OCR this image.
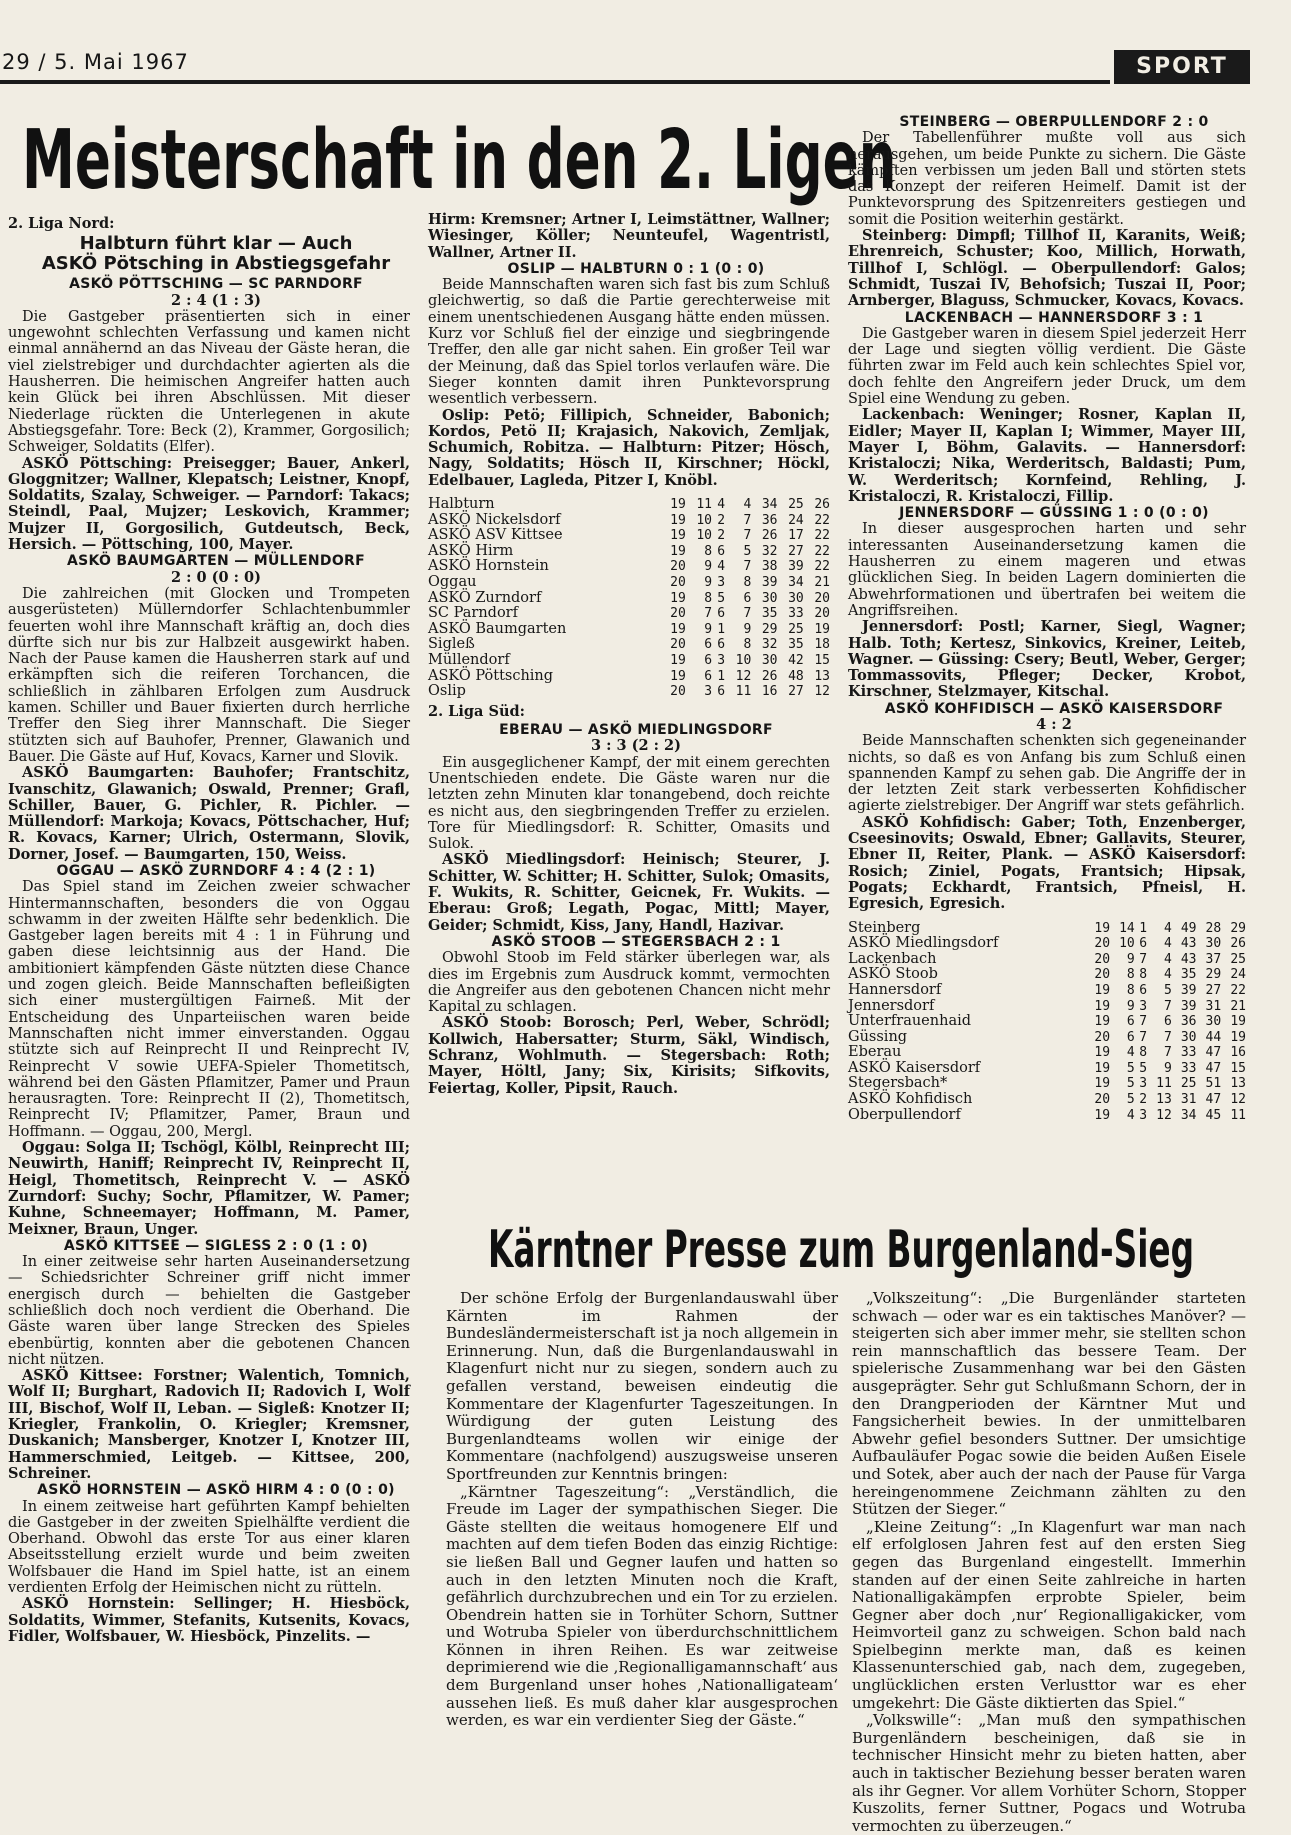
29 / 5. Mai 1967	SPORT
Meisterschaft in den 2. Ligen

2. Liga Nord:

Halbturn führt klar — Auch

ASKÖ Pötsching in Abstiegsgefahr

ASKÖ PÖTTSCHING — SC PARNDORF

2 : 4 (1 : 3)

Die Gastgeber präsentierten sich in einer ungewohnt schlechten Verfassung und kamen nicht einmal annähernd an das Niveau der Gäste heran, die viel zielstrebiger und durchdachter agierten als die Hausherren. Die heimischen Angreifer hatten auch kein Glück bei ihren Abschlüssen. Mit dieser Niederlage rückten die Unterlegenen in akute Abstiegsgefahr. Tore: Beck (2), Krammer, Gorgosilich; Schweiger, Soldatits (Elfer).

ASKÖ Pöttsching: Preisegger; Bauer, Ankerl, Gloggnitzer; Wallner, Klepatsch; Leistner, Knopf, Soldatits, Szalay, Schweiger. — Parndorf: Takacs; Steindl, Paal, Mujzer; Leskovich, Krammer; Mujzer II, Gorgosilich, Gutdeutsch, Beck, Hersich. — Pöttsching, 100, Mayer.

ASKÖ BAUMGARTEN — MÜLLENDORF

2 : 0 (0 : 0)

Die zahlreichen (mit Glocken und Trompeten ausgerüsteten) Müllerndorfer Schlachtenbummler feuerten wohl ihre Mannschaft kräftig an, doch dies dürfte sich nur bis zur Halbzeit ausgewirkt haben. Nach der Pause kamen die Hausherren stark auf und erkämpften sich die reiferen Torchancen, die schließlich in zählbaren Erfolgen zum Ausdruck kamen. Schiller und Bauer fixierten durch herrliche Treffer den Sieg ihrer Mannschaft. Die Sieger stützten sich auf Bauhofer, Prenner, Glawanich und Bauer. Die Gäste auf Huf, Kovacs, Karner und Slovik.

ASKÖ Baumgarten: Bauhofer; Frantschitz, Ivanschitz, Glawanich; Oswald, Prenner; Grafl, Schiller, Bauer, G. Pichler, R. Pichler. — Müllendorf: Markoja; Kovacs, Pöttschacher, Huf; R. Kovacs, Karner; Ulrich, Ostermann, Slovik, Dorner, Josef. — Baumgarten, 150, Weiss.

OGGAU — ASKÖ ZURNDORF 4 : 4 (2 : 1)

Das Spiel stand im Zeichen zweier schwacher Hintermannschaften, besonders die von Oggau schwamm in der zweiten Hälfte sehr bedenklich. Die Gastgeber lagen bereits mit 4 : 1 in Führung und gaben diese leichtsinnig aus der Hand. Die ambitioniert kämpfenden Gäste nützten diese Chance und zogen gleich. Beide Mannschaften befleißigten sich einer mustergültigen Fairneß. Mit der Entscheidung des Unparteiischen waren beide Mannschaften nicht immer einverstanden. Oggau stützte sich auf Reinprecht II und Reinprecht IV, Reinprecht V sowie UEFA-Spieler Thometitsch, während bei den Gästen Pflamitzer, Pamer und Praun herausragten. Tore: Reinprecht II (2), Thometitsch, Reinprecht IV; Pflamitzer, Pamer, Braun und Hoffmann. — Oggau, 200, Mergl.

Oggau: Solga II; Tschögl, Kölbl, Reinprecht III; Neuwirth, Haniff; Reinprecht IV, Reinprecht II, Heigl, Thometitsch, Reinprecht V. — ASKÖ Zurndorf: Suchy; Sochr, Pflamitzer, W. Pamer; Kuhne, Schneemayer; Hoffmann, M. Pamer, Meixner, Braun, Unger.

ASKÖ KITTSEE — SIGLESS 2 : 0 (1 : 0)

In einer zeitweise sehr harten Auseinandersetzung — Schiedsrichter Schreiner griff nicht immer energisch durch — behielten die Gastgeber schließlich doch noch verdient die Oberhand. Die Gäste waren über lange Strecken des Spieles ebenbürtig, konnten aber die gebotenen Chancen nicht nützen.

ASKÖ Kittsee: Forstner; Walentich, Tomnich, Wolf II; Burghart, Radovich II; Radovich I, Wolf III, Bischof, Wolf II, Leban. — Sigleß: Knotzer II; Kriegler, Frankolin, O. Kriegler; Kremsner, Duskanich; Mansberger, Knotzer I, Knotzer III, Hammerschmied, Leitgeb. — Kittsee, 200, Schreiner.

ASKÖ HORNSTEIN — ASKÖ HIRM 4 : 0 (0 : 0)

In einem zeitweise hart geführten Kampf behielten die Gastgeber in der zweiten Spielhälfte verdient die Oberhand. Obwohl das erste Tor aus einer klaren Abseitsstellung erzielt wurde und beim zweiten Wolfsbauer die Hand im Spiel hatte, ist an einem verdienten Erfolg der Heimischen nicht zu rütteln.

ASKÖ Hornstein: Sellinger; H. Hiesböck, Soldatits, Wimmer, Stefanits, Kutsenits, Kovacs, Fidler, Wolfsbauer, W. Hiesböck, Pinzelits. —

Hirm: Kremsner; Artner I, Leimstättner, Wallner; Wiesinger, Köller; Neunteufel, Wagentristl, Wallner, Artner II.

OSLIP — HALBTURN 0 : 1 (0 : 0)

Beide Mannschaften waren sich fast bis zum Schluß gleichwertig, so daß die Partie gerechterweise mit einem unentschiedenen Ausgang hätte enden müssen. Kurz vor Schluß fiel der einzige und siegbringende Treffer, den alle gar nicht sahen. Ein großer Teil war der Meinung, daß das Spiel torlos verlaufen wäre. Die Sieger konnten damit ihren Punktevorsprung wesentlich verbessern.

Oslip: Petö; Fillipich, Schneider, Babonich; Kordos, Petö II; Krajasich, Nakovich, Zemljak, Schumich, Robitza. — Halbturn: Pitzer; Hösch, Nagy, Soldatits; Hösch II, Kirschner; Höckl, Edelbauer, Lagleda, Pitzer I, Knöbl.

Halbturn	19	11	4	4	34	25	26
ASKÖ Nickelsdorf	19	10	2	7	36	24	22
ASKÖ ASV Kittsee	19	10	2	7	26	17	22
ASKÖ Hirm	19	8	6	5	32	27	22
ASKÖ Hornstein	20	9	4	7	38	39	22
Oggau	20	9	3	8	39	34	21
ASKÖ Zurndorf	19	8	5	6	30	30	20
SC Parndorf	20	7	6	7	35	33	20
ASKÖ Baumgarten	19	9	1	9	29	25	19
Sigleß	20	6	6	8	32	35	18
Müllendorf	19	6	3	10	30	42	15
ASKÖ Pöttsching	19	6	1	12	26	48	13
Oslip	20	3	6	11	16	27	12

2. Liga Süd:

EBERAU — ASKÖ MIEDLINGSDORF

3 : 3 (2 : 2)

Ein ausgeglichener Kampf, der mit einem gerechten Unentschieden endete. Die Gäste waren nur die letzten zehn Minuten klar tonangebend, doch reichte es nicht aus, den siegbringenden Treffer zu erzielen. Tore für Miedlingsdorf: R. Schitter, Omasits und Sulok.

ASKÖ Miedlingsdorf: Heinisch; Steurer, J. Schitter, W. Schitter; H. Schitter, Sulok; Omasits, F. Wukits, R. Schitter, Geicnek, Fr. Wukits. — Eberau: Groß; Legath, Pogac, Mittl; Mayer, Geider; Schmidt, Kiss, Jany, Handl, Hazivar.

ASKÖ STOOB — STEGERSBACH 2 : 1

Obwohl Stoob im Feld stärker überlegen war, als dies im Ergebnis zum Ausdruck kommt, vermochten die Angreifer aus den gebotenen Chancen nicht mehr Kapital zu schlagen.

ASKÖ Stoob: Borosch; Perl, Weber, Schrödl; Kollwich, Habersatter; Sturm, Säkl, Windisch, Schranz, Wohlmuth. — Stegersbach: Roth; Mayer, Höltl, Jany; Six, Kirisits; Sifkovits, Feiertag, Koller, Pipsit, Rauch.

STEINBERG — OBERPULLENDORF 2 : 0

Der Tabellenführer mußte voll aus sich herausgehen, um beide Punkte zu sichern. Die Gäste kämpften verbissen um jeden Ball und störten stets das Konzept der reiferen Heimelf. Damit ist der Punktevorsprung des Spitzenreiters gestiegen und somit die Position weiterhin gestärkt.

Steinberg: Dimpfl; Tillhof II, Karanits, Weiß; Ehrenreich, Schuster; Koo, Millich, Horwath, Tillhof I, Schlögl. — Oberpullendorf: Galos; Schmidt, Tuszai IV, Behofsich; Tuszai II, Poor; Arnberger, Blaguss, Schmucker, Kovacs, Kovacs.

LACKENBACH — HANNERSDORF 3 : 1

Die Gastgeber waren in diesem Spiel jederzeit Herr der Lage und siegten völlig verdient. Die Gäste führten zwar im Feld auch kein schlechtes Spiel vor, doch fehlte den Angreifern jeder Druck, um dem Spiel eine Wendung zu geben.

Lackenbach: Weninger; Rosner, Kaplan II, Eidler; Mayer II, Kaplan I; Wimmer, Mayer III, Mayer I, Böhm, Galavits. — Hannersdorf: Kristaloczi; Nika, Werderitsch, Baldasti; Pum, W. Werderitsch; Kornfeind, Rehling, J. Kristaloczi, R. Kristaloczi, Fillip.

JENNERSDORF — GÜSSING 1 : 0 (0 : 0)

In dieser ausgesprochen harten und sehr interessanten Auseinandersetzung kamen die Hausherren zu einem mageren und etwas glücklichen Sieg. In beiden Lagern dominierten die Abwehrformationen und übertrafen bei weitem die Angriffsreihen.

Jennersdorf: Postl; Karner, Siegl, Wagner; Halb. Toth; Kertesz, Sinkovics, Kreiner, Leiteb, Wagner. — Güssing: Csery; Beutl, Weber, Gerger; Tommassovits, Pfleger; Decker, Krobot, Kirschner, Stelzmayer, Kitschal.

ASKÖ KOHFIDISCH — ASKÖ KAISERSDORF

4 : 2

Beide Mannschaften schenkten sich gegeneinander nichts, so daß es von Anfang bis zum Schluß einen spannenden Kampf zu sehen gab. Die Angriffe der in der letzten Zeit stark verbesserten Kohfidischer agierte zielstrebiger. Der Angriff war stets gefährlich.

ASKÖ Kohfidisch: Gaber; Toth, Enzenberger, Cseesinovits; Oswald, Ebner; Gallavits, Steurer, Ebner II, Reiter, Plank. — ASKÖ Kaisersdorf: Rosich; Ziniel, Pogats, Frantsich; Hipsak, Pogats; Eckhardt, Frantsich, Pfneisl, H. Egresich, Egresich.

Steinberg	19	14	1	4	49	28	29
ASKÖ Miedlingsdorf	20	10	6	4	43	30	26
Lackenbach	20	9	7	4	43	37	25
ASKÖ Stoob	20	8	8	4	35	29	24
Hannersdorf	19	8	6	5	39	27	22
Jennersdorf	19	9	3	7	39	31	21
Unterfrauenhaid	19	6	7	6	36	30	19
Güssing	20	6	7	7	30	44	19
Eberau	19	4	8	7	33	47	16
ASKÖ Kaisersdorf	19	5	5	9	33	47	15
Stegersbach*	19	5	3	11	25	51	13
ASKÖ Kohfidisch	20	5	2	13	31	47	12
Oberpullendorf	19	4	3	12	34	45	11
Kärntner Presse zum Burgenland-Sieg

Der schöne Erfolg der Burgenlandauswahl über Kärnten im Rahmen der Bundesländermeisterschaft ist ja noch allgemein in Erinnerung. Nun, daß die Burgenlandauswahl in Klagenfurt nicht nur zu siegen, sondern auch zu gefallen verstand, beweisen eindeutig die Kommentare der Klagenfurter Tageszeitungen. In Würdigung der guten Leistung des Burgenlandteams wollen wir einige der Kommentare (nachfolgend) auszugsweise unseren Sportfreunden zur Kenntnis bringen:

„Kärntner Tageszeitung“: „Verständlich, die Freude im Lager der sympathischen Sieger. Die Gäste stellten die weitaus homogenere Elf und machten auf dem tiefen Boden das einzig Richtige: sie ließen Ball und Gegner laufen und hatten so auch in den letzten Minuten noch die Kraft, gefährlich durchzubrechen und ein Tor zu erzielen. Obendrein hatten sie in Torhüter Schorn, Suttner und Wotruba Spieler von überdurchschnittlichem Können in ihren Reihen. Es war zeitweise deprimierend wie die ‚Regionalligamannschaft‘ aus dem Burgenland unser hohes ‚Nationalligateam‘ aussehen ließ. Es muß daher klar ausgesprochen werden, es war ein verdienter Sieg der Gäste.“

„Volkszeitung“: „Die Burgenländer starteten schwach — oder war es ein taktisches Manöver? — steigerten sich aber immer mehr, sie stellten schon rein mannschaftlich das bessere Team. Der spielerische Zusammenhang war bei den Gästen ausgeprägter. Sehr gut Schlußmann Schorn, der in den Drangperioden der Kärntner Mut und Fangsicherheit bewies. In der unmittelbaren Abwehr gefiel besonders Suttner. Der umsichtige Aufbauläufer Pogac sowie die beiden Außen Eisele und Sotek, aber auch der nach der Pause für Varga hereingenommene Zeichmann zählten zu den Stützen der Sieger.“

„Kleine Zeitung“: „In Klagenfurt war man nach elf erfolglosen Jahren fest auf den ersten Sieg gegen das Burgenland eingestellt. Immerhin standen auf der einen Seite zahlreiche in harten Nationalligakämpfen erprobte Spieler, beim Gegner aber doch ‚nur‘ Regionalligakicker, vom Heimvorteil ganz zu schweigen. Schon bald nach Spielbeginn merkte man, daß es keinen Klassenunterschied gab, nach dem, zugegeben, unglücklichen ersten Verlusttor war es eher umgekehrt: Die Gäste diktierten das Spiel.“

„Volkswille“: „Man muß den sympathischen Burgenländern bescheinigen, daß sie in technischer Hinsicht mehr zu bieten hatten, aber auch in taktischer Beziehung besser beraten waren als ihr Gegner. Vor allem Vorhüter Schorn, Stopper Kuszolits, ferner Suttner, Pogacs und Wotruba vermochten zu überzeugen.“
